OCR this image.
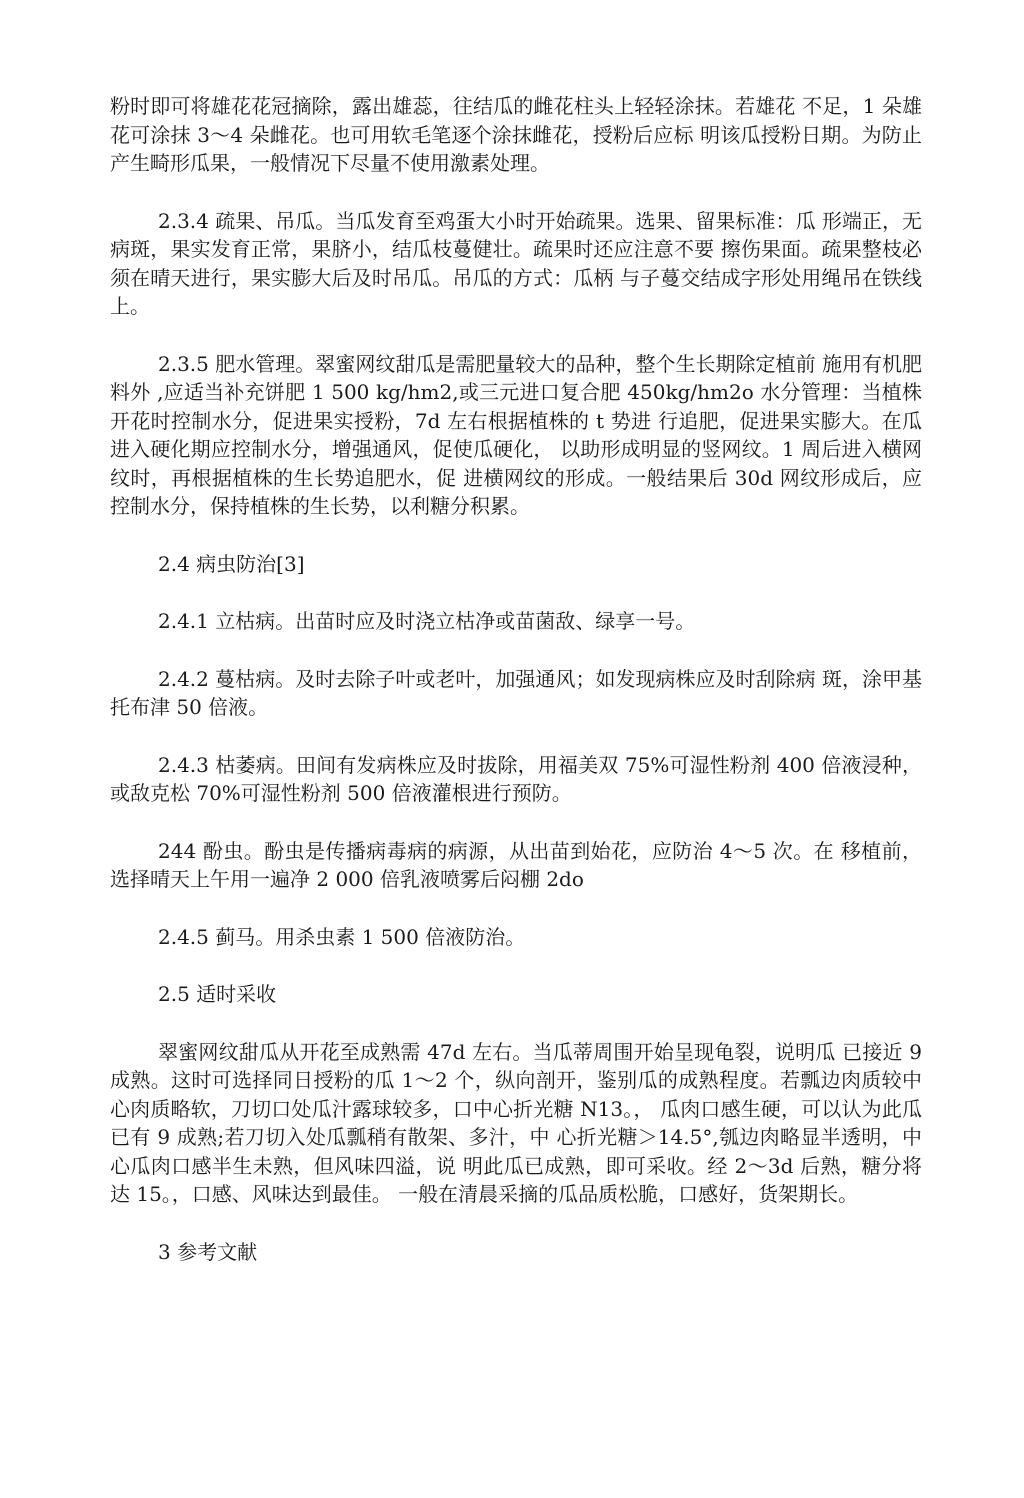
粉时即可将雄花花冠摘除，露出雄蕊，往结瓜的雌花柱头上轻轻涂抹。若雄花 不足，1 朵雄花可涂抹 3～4 朵雌花。也可用软毛笔逐个涂抹雌花，授粉后应标 明该瓜授粉日期。为防止产生畸形瓜果，一般情况下尽量不使用激素处理。

2.3.4 疏果、吊瓜。当瓜发育至鸡蛋大小时开始疏果。选果、留果标准：瓜 形端正，无病斑，果实发育正常，果脐小，结瓜枝蔓健壮。疏果时还应注意不要 擦伤果面。疏果整枝必须在晴天进行，果实膨大后及时吊瓜。吊瓜的方式：瓜柄 与子蔓交结成字形处用绳吊在铁线上。

2.3.5 肥水管理。翠蜜网纹甜瓜是需肥量较大的品种，整个生长期除定植前 施用有机肥料外 ,应适当补充饼肥 1 500 kg/hm2,或三元进口复合肥 450kg/hm2o 水分管理：当植株开花时控制水分，促进果实授粉，7d 左右根据植株的 t 势进 行追肥，促进果实膨大。在瓜进入硬化期应控制水分，增强通风，促使瓜硬化， 以助形成明显的竖网纹。1 周后进入横网纹时，再根据植株的生长势追肥水，促 进横网纹的形成。一般结果后 30d 网纹形成后，应控制水分，保持植株的生长势，以利糖分积累。

2.4 病虫防治[3]

2.4.1 立枯病。出苗时应及时浇立枯净或苗菌敌、绿享一号。

2.4.2 蔓枯病。及时去除子叶或老叶，加强通风；如发现病株应及时刮除病 斑，涂甲基托布津 50 倍液。

2.4.3 枯萎病。田间有发病株应及时拔除，用福美双 75%可湿性粉剂 400 倍液浸种，或敌克松 70%可湿性粉剂 500 倍液灌根进行预防。

244 酚虫。酚虫是传播病毒病的病源，从出苗到始花，应防治 4～5 次。在 移植前，选择晴天上午用一遍净 2 000 倍乳液喷雾后闷棚 2do

2.4.5 蓟马。用杀虫素 1 500 倍液防治。

2.5 适时采收

翠蜜网纹甜瓜从开花至成熟需 47d 左右。当瓜蒂周围开始呈现龟裂，说明瓜 已接近 9 成熟。这时可选择同日授粉的瓜 1～2 个，纵向剖开，鉴别瓜的成熟程度。若瓢边肉质较中心肉质略软，刀切口处瓜汁露球较多，口中心折光糖 N13。， 瓜肉口感生硬，可以认为此瓜已有 9 成熟;若刀切入处瓜瓢稍有散架、多汁，中 心折光糖＞14.5°,瓠边肉略显半透明，中心瓜肉口感半生未熟，但风味四溢，说 明此瓜已成熟，即可采收。经 2～3d 后熟，糖分将达 15。，口感、风味达到最佳。 一般在清晨采摘的瓜品质松脆，口感好，货架期长。

3 参考文献
